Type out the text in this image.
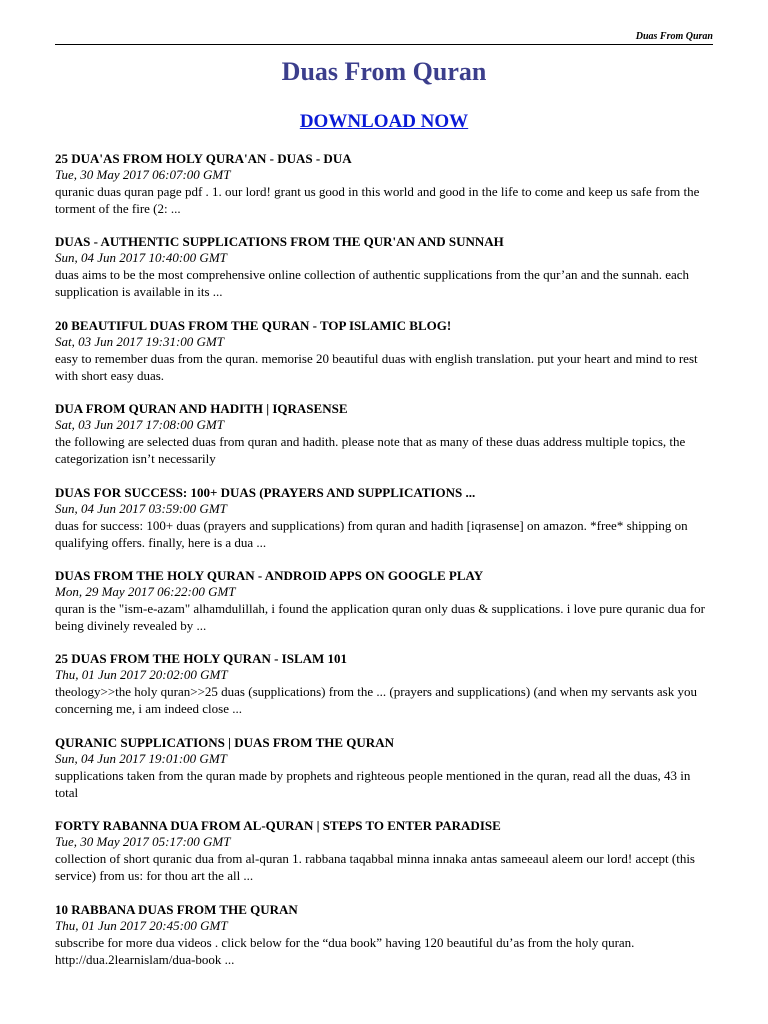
Duas From Quran
Duas From Quran
DOWNLOAD NOW
25 DUA'AS FROM HOLY QURA'AN - DUAS - DUA
Tue, 30 May 2017 06:07:00 GMT
quranic duas quran page pdf . 1. our lord! grant us good in this world and good in the life to come and keep us safe from the torment of the fire (2: ...
DUAS - AUTHENTIC SUPPLICATIONS FROM THE QUR'AN AND SUNNAH
Sun, 04 Jun 2017 10:40:00 GMT
duas aims to be the most comprehensive online collection of authentic supplications from the qur’an and the sunnah. each supplication is available in its ...
20 BEAUTIFUL DUAS FROM THE QURAN - TOP ISLAMIC BLOG!
Sat, 03 Jun 2017 19:31:00 GMT
easy to remember duas from the quran. memorise 20 beautiful duas with english translation. put your heart and mind to rest with short easy duas.
DUA FROM QURAN AND HADITH | IQRASENSE
Sat, 03 Jun 2017 17:08:00 GMT
the following are selected duas from quran and hadith. please note that as many of these duas address multiple topics, the categorization isn’t necessarily
DUAS FOR SUCCESS: 100+ DUAS (PRAYERS AND SUPPLICATIONS ...
Sun, 04 Jun 2017 03:59:00 GMT
duas for success: 100+ duas (prayers and supplications) from quran and hadith [iqrasense] on amazon. *free* shipping on qualifying offers. finally, here is a dua ...
DUAS FROM THE HOLY QURAN - ANDROID APPS ON GOOGLE PLAY
Mon, 29 May 2017 06:22:00 GMT
quran is the "ism-e-azam" alhamdulillah, i found the application quran only duas & supplications. i love pure quranic dua for being divinely revealed by ...
25 DUAS FROM THE HOLY QURAN - ISLAM 101
Thu, 01 Jun 2017 20:02:00 GMT
theology>>the holy quran>>25 duas (supplications) from the ... (prayers and supplications) (and when my servants ask you concerning me, i am indeed close ...
QURANIC SUPPLICATIONS | DUAS FROM THE QURAN
Sun, 04 Jun 2017 19:01:00 GMT
supplications taken from the quran made by prophets and righteous people mentioned in the quran, read all the duas, 43 in total
FORTY RABANNA DUA FROM AL-QURAN | STEPS TO ENTER PARADISE
Tue, 30 May 2017 05:17:00 GMT
collection of short quranic dua from al-quran 1. rabbana taqabbal minna innaka antas sameeaul aleem our lord! accept (this service) from us: for thou art the all ...
10 RABBANA DUAS FROM THE QURAN
Thu, 01 Jun 2017 20:45:00 GMT
subscribe for more dua videos . click below for the “dua book” having 120 beautiful du’as from the holy quran. http://dua.2learnislam/dua-book ...
